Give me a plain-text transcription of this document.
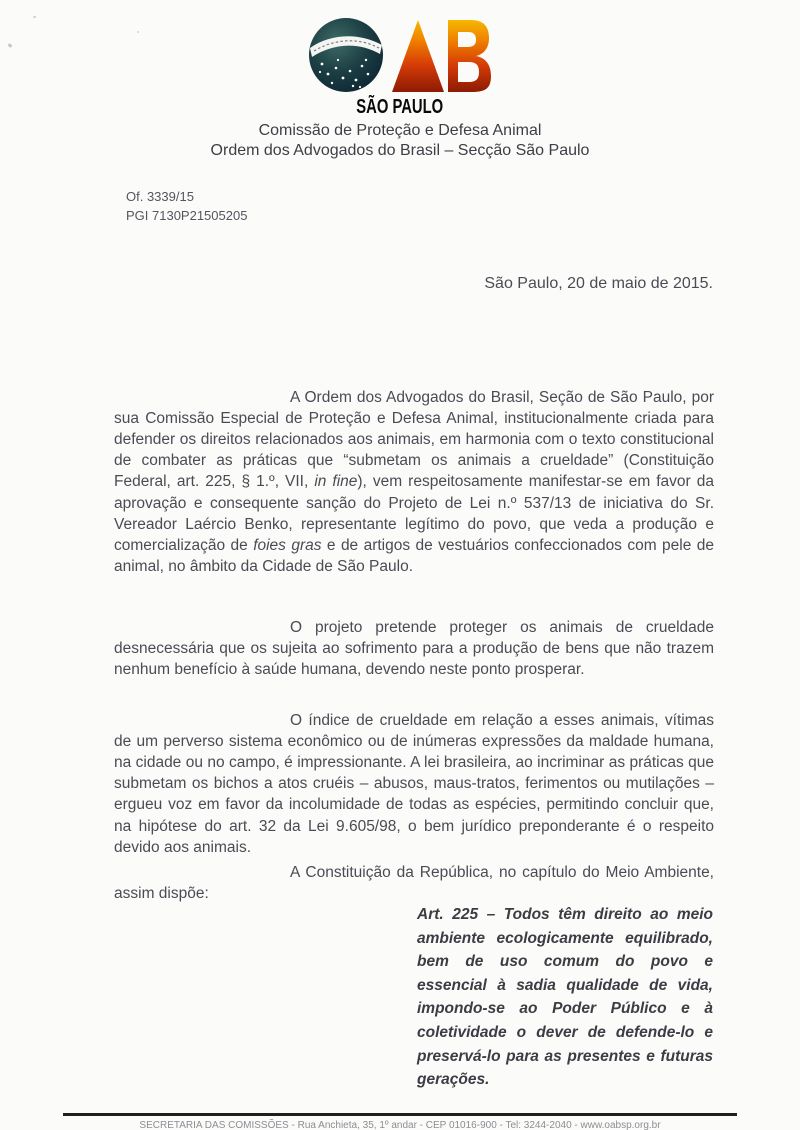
SÃO PAULO
Comissão de Proteção e Defesa Animal
Ordem dos Advogados do Brasil – Secção São Paulo
Of. 3339/15
PGI 7130P21505205
São Paulo, 20 de maio de 2015.

A Ordem dos Advogados do Brasil, Seção de São Paulo, por sua Comissão Especial de Proteção e Defesa Animal, institucionalmente criada para defender os direitos relacionados aos animais, em harmonia com o texto constitucional de combater as práticas que “submetam os animais a crueldade” (Constituição Federal, art. 225, § 1.º, VII, in fine), vem respeitosamente manifestar-se em favor da aprovação e consequente sanção do Projeto de Lei n.º 537/13 de iniciativa do Sr. Vereador Laércio Benko, representante legítimo do povo, que veda a produção e comercialização de foies gras e de artigos de vestuários confeccionados com pele de animal, no âmbito da Cidade de São Paulo.

O projeto pretende proteger os animais de crueldade desnecessária que os sujeita ao sofrimento para a produção de bens que não trazem nenhum benefício à saúde humana, devendo neste ponto prosperar.

O índice de crueldade em relação a esses animais, vítimas de um perverso sistema econômico ou de inúmeras expressões da maldade humana, na cidade ou no campo, é impressionante. A lei brasileira, ao incriminar as práticas que submetam os bichos a atos cruéis – abusos, maus-tratos, ferimentos ou mutilações – ergueu voz em favor da incolumidade de todas as espécies, permitindo concluir que, na hipótese do art. 32 da Lei 9.605/98, o bem jurídico preponderante é o respeito devido aos animais.

A Constituição da República, no capítulo do Meio Ambiente, assim dispõe:

Art. 225 – Todos têm direito ao meio ambiente ecologicamente equilibrado, bem de uso comum do povo e essencial à sadia qualidade de vida, impondo-se ao Poder Público e à coletividade o dever de defende-lo e preservá-lo para as presentes e futuras gerações.
SECRETARIA DAS COMISSÕES - Rua Anchieta, 35, 1º andar - CEP 01016-900 - Tel: 3244-2040 - www.oabsp.org.br
